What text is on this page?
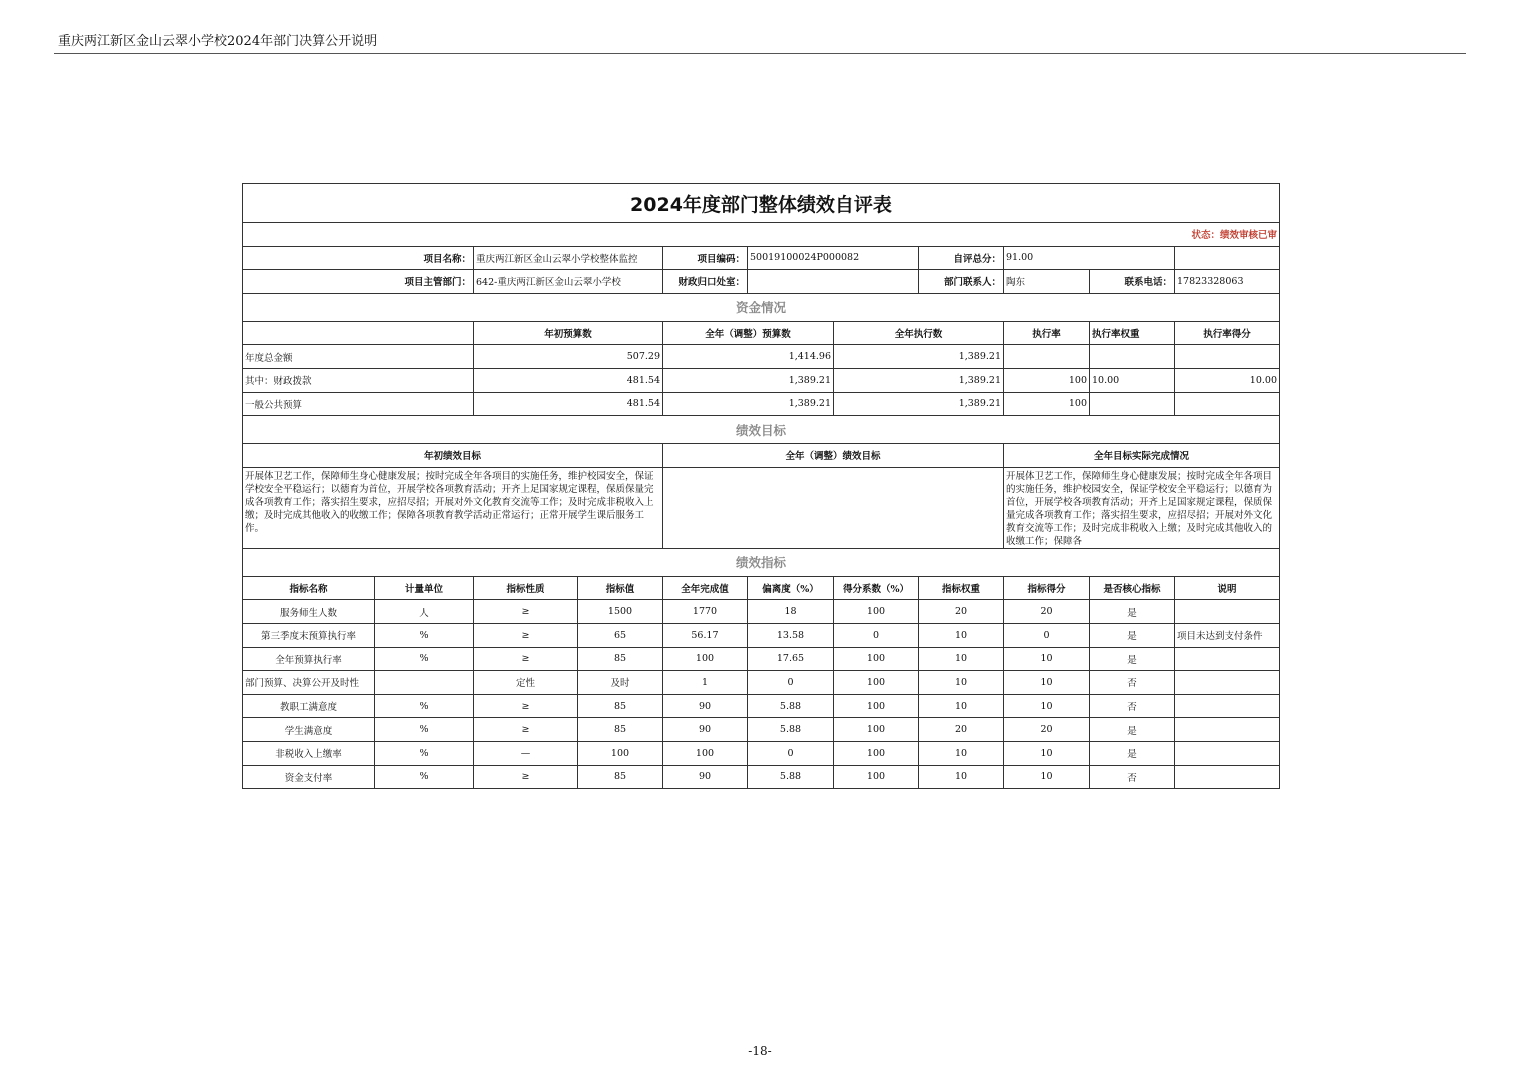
重庆两江新区金山云翠小学校2024年部门决算公开说明

2024年度部门整体绩效自评表										
状态：绩效审核已审										
项目名称：		重庆两江新区金山云翠小学校整体监控		项目编码：	50019100024P000082		自评总分：	91.00		
项目主管部门：		642-重庆两江新区金山云翠小学校		财政归口处室：			部门联系人：	陶东	联系电话：	17823328063
资金情况										
		年初预算数		全年（调整）预算数		全年执行数		执行率	执行率权重	执行率得分
年度总金额		507.29		1,414.96		1,389.21				
其中：财政拨款		481.54		1,389.21		1,389.21		100	10.00	10.00
一般公共预算		481.54		1,389.21		1,389.21		100		
绩效目标										
年初绩效目标				全年（调整）绩效目标				全年目标实际完成情况		
开展体卫艺工作，保障师生身心健康发展；按时完成全年各项目的实施任务，维护校园安全，保证学校安全平稳运行；以德育为首位，开展学校各项教育活动；开齐上足国家规定课程，保质保量完成各项教育工作；落实招生要求，应招尽招；开展对外文化教育交流等工作；及时完成非税收入上缴；及时完成其他收入的收缴工作；保障各项教育教学活动正常运行；正常开展学生课后服务工作。								开展体卫艺工作，保障师生身心健康发展；按时完成全年各项目的实施任务，维护校园安全，保证学校安全平稳运行；以德育为首位，开展学校各项教育活动；开齐上足国家规定课程，保质保量完成各项教育工作；落实招生要求，应招尽招；开展对外文化教育交流等工作；及时完成非税收入上缴；及时完成其他收入的收缴工作；保障各		
绩效指标										
指标名称	计量单位	指标性质	指标值	全年完成值	偏离度（%）	得分系数（%）	指标权重	指标得分	是否核心指标	说明
服务师生人数	人	≥	1500	1770	18	100	20	20	是	
第三季度末预算执行率	%	≥	65	56.17	13.58	0	10	0	是	项目未达到支付条件
全年预算执行率	%	≥	85	100	17.65	100	10	10	是	
部门预算、决算公开及时性		定性	及时	1	0	100	10	10	否	
教职工满意度	%	≥	85	90	5.88	100	10	10	否	
学生满意度	%	≥	85	90	5.88	100	20	20	是	
非税收入上缴率	%	—	100	100	0	100	10	10	是	
资金支付率	%	≥	85	90	5.88	100	10	10	否	
-18-
